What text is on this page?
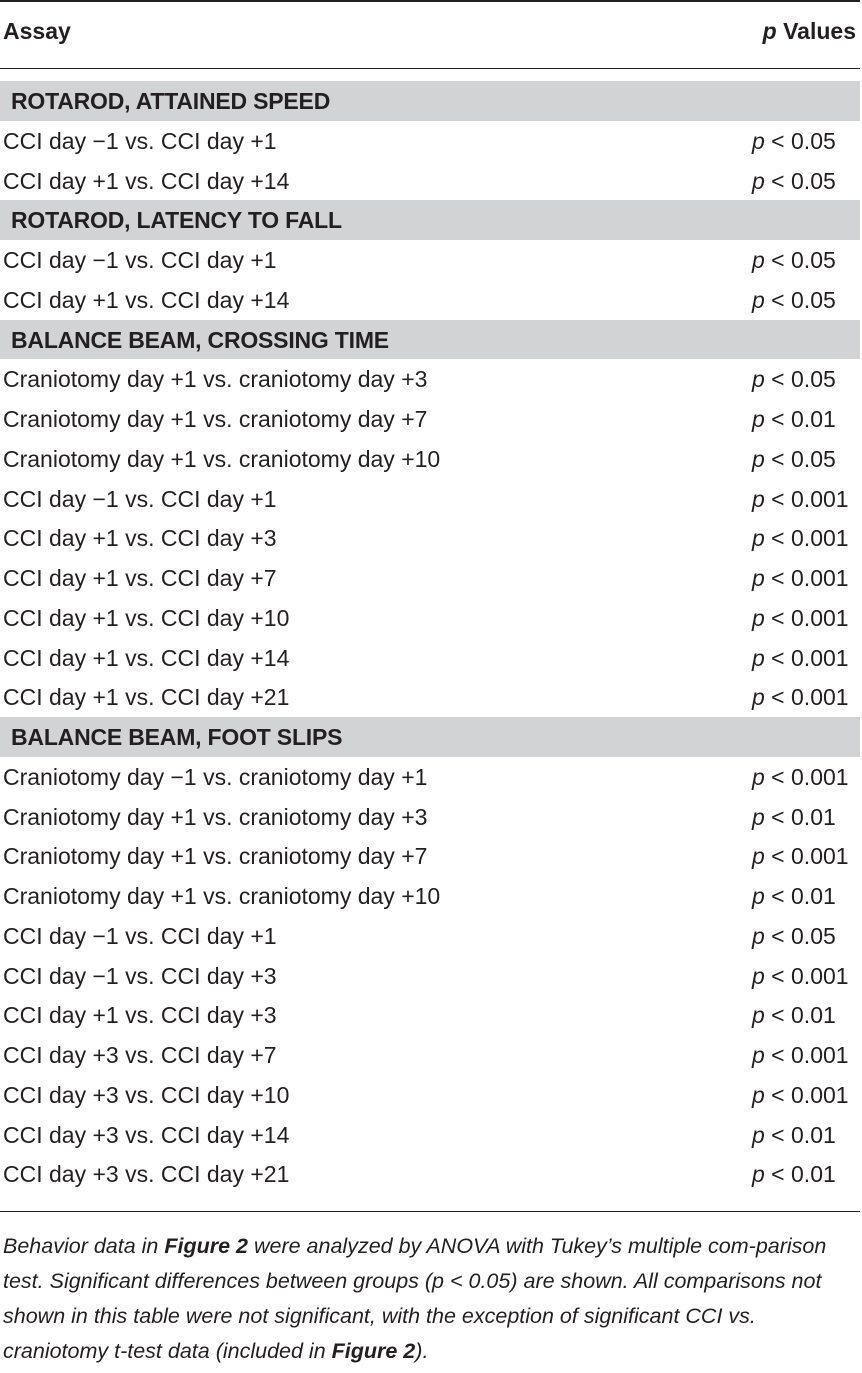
Assay	p Values
ROTAROD, ATTAINED SPEED
CCI day −1 vs. CCI day +1	p < 0.05
CCI day +1 vs. CCI day +14	p < 0.05
ROTAROD, LATENCY TO FALL
CCI day −1 vs. CCI day +1	p < 0.05
CCI day +1 vs. CCI day +14	p < 0.05
BALANCE BEAM, CROSSING TIME
Craniotomy day +1 vs. craniotomy day +3	p < 0.05
Craniotomy day +1 vs. craniotomy day +7	p < 0.01
Craniotomy day +1 vs. craniotomy day +10	p < 0.05
CCI day −1 vs. CCI day +1	p < 0.001
CCI day +1 vs. CCI day +3	p < 0.001
CCI day +1 vs. CCI day +7	p < 0.001
CCI day +1 vs. CCI day +10	p < 0.001
CCI day +1 vs. CCI day +14	p < 0.001
CCI day +1 vs. CCI day +21	p < 0.001
BALANCE BEAM, FOOT SLIPS
Craniotomy day −1 vs. craniotomy day +1	p < 0.001
Craniotomy day +1 vs. craniotomy day +3	p < 0.01
Craniotomy day +1 vs. craniotomy day +7	p < 0.001
Craniotomy day +1 vs. craniotomy day +10	p < 0.01
CCI day −1 vs. CCI day +1	p < 0.05
CCI day −1 vs. CCI day +3	p < 0.001
CCI day +1 vs. CCI day +3	p < 0.01
CCI day +3 vs. CCI day +7	p < 0.001
CCI day +3 vs. CCI day +10	p < 0.001
CCI day +3 vs. CCI day +14	p < 0.01
CCI day +3 vs. CCI day +21	p < 0.01
Behavior data in Figure 2 were analyzed by ANOVA with Tukey’s multiple com-parison test. Significant differences between groups (p < 0.05) are shown. All comparisons not shown in this table were not significant, with the exception of significant CCI vs. craniotomy t-test data (included in Figure 2).
